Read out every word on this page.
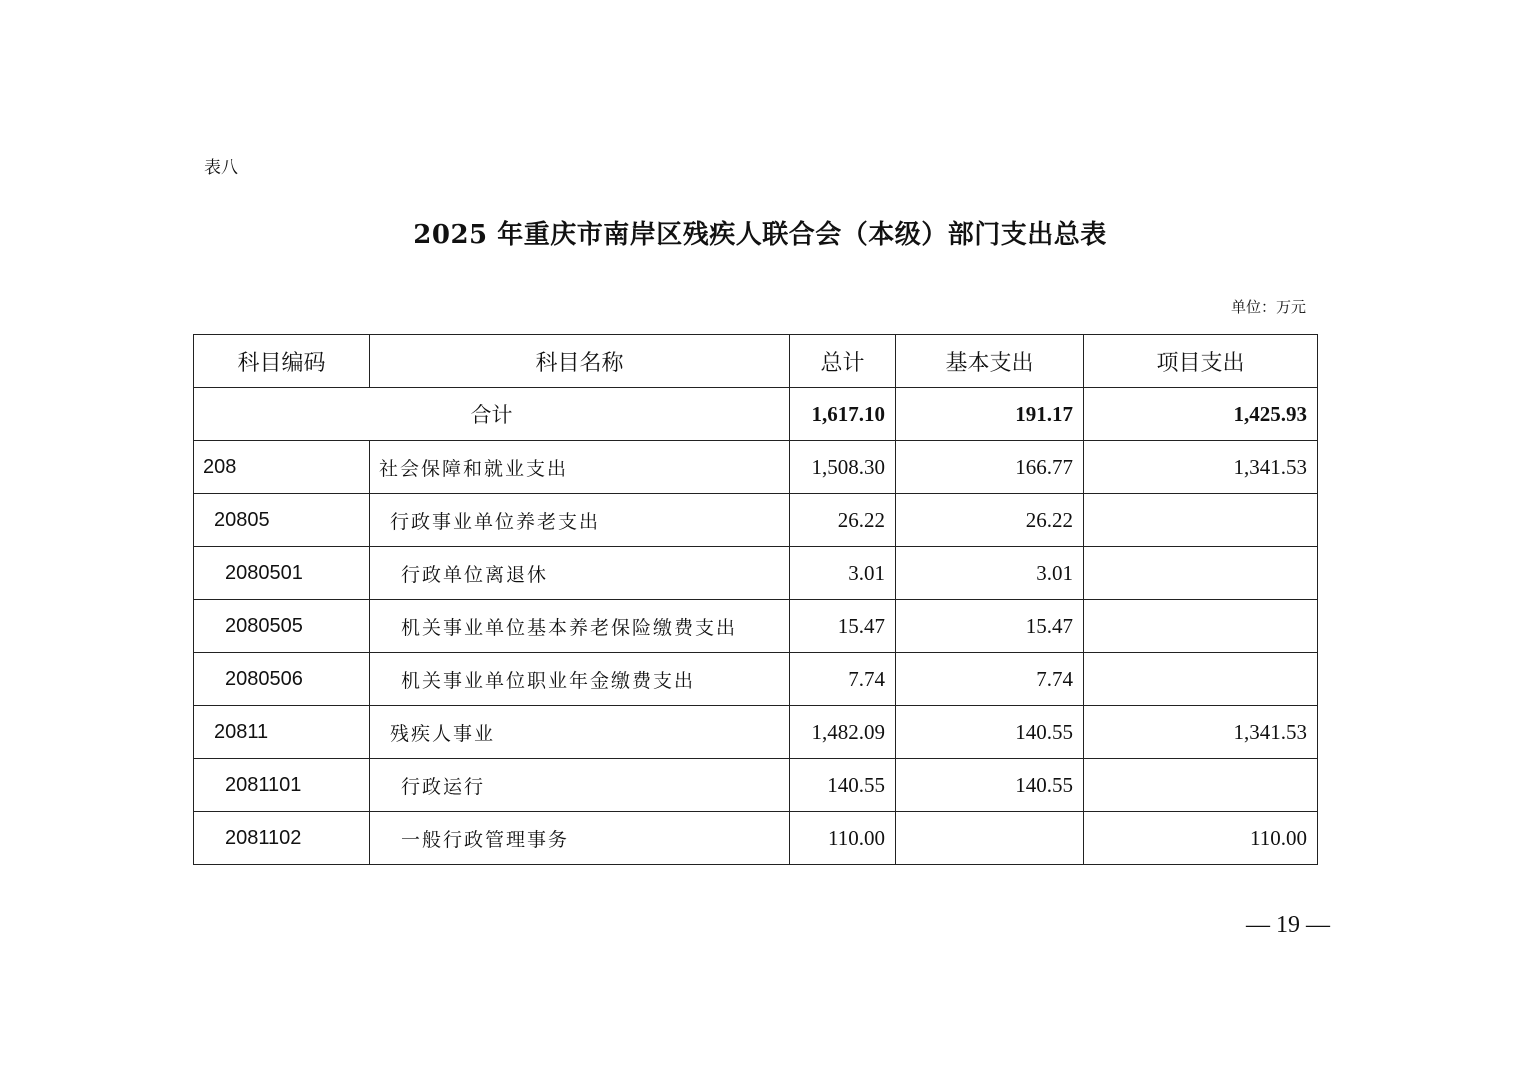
表八
2025 年重庆市南岸区残疾人联合会（本级）部门支出总表
单位：万元
科目编码	科目名称	总计	基本支出	项目支出
合计		1,617.10	191.17	1,425.93
208	社会保障和就业支出	1,508.30	166.77	1,341.53
20805	行政事业单位养老支出	26.22	26.22	
2080501	行政单位离退休	3.01	3.01	
2080505	机关事业单位基本养老保险缴费支出	15.47	15.47	
2080506	机关事业单位职业年金缴费支出	7.74	7.74	
20811	残疾人事业	1,482.09	140.55	1,341.53
2081101	行政运行	140.55	140.55	
2081102	一般行政管理事务	110.00		110.00
— 19 —
